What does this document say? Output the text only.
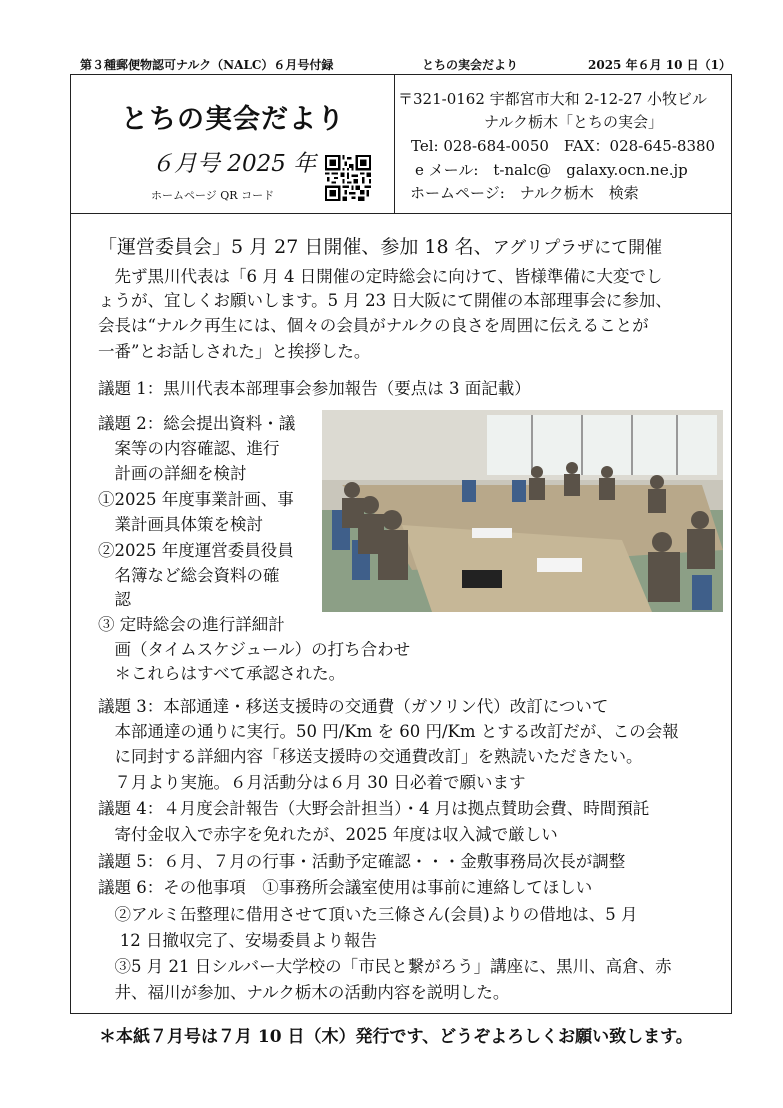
第３種郵便物認可ナルク（NALC）６月号付録	とちの実会だより	2025 年６月 10 日（1）
とちの実会だより
６月号 2025 年
ホームページ QR コード
〒321-0162 宇都宮市大和 2-12-27 小牧ビル
ナルク栃木「とちの実会」
Tel: 028-684-0050　FAX：028-645-8380
e メール:　t-nalc@　galaxy.ocn.ne.jp
ホームページ:　ナルク栃木　検索
「運営委員会」5 月 27 日開催、参加 18 名、アグリプラザにて開催
　先ず黒川代表は「6 月 4 日開催の定時総会に向けて、皆様準備に大変でし
ょうが、宜しくお願いします。5 月 23 日大阪にて開催の本部理事会に参加、
会長は“ナルク再生には、個々の会員がナルクの良さを周囲に伝えることが
一番”とお話しされた」と挨拶した。
議題 1：黒川代表本部理事会参加報告（要点は 3 面記載）
議題 2：総会提出資料・議
　案等の内容確認、進行
　計画の詳細を検討
①2025 年度事業計画、事
　業計画具体策を検討
②2025 年度運営委員役員
　名簿など総会資料の確
　認
③ 定時総会の進行詳細計
　画（タイムスケジュール）の打ち合わせ
　＊これらはすべて承認された。
議題 3：本部通達・移送支援時の交通費（ガソリン代）改訂について
　本部通達の通りに実行。50 円/Km を 60 円/Km とする改訂だが、この会報
　に同封する詳細内容「移送支援時の交通費改訂」を熟読いただきたい。
　７月より実施。６月活動分は６月 30 日必着で願います
議題 4：４月度会計報告（大野会計担当）・4 月は拠点賛助会費、時間預託
　寄付金収入で赤字を免れたが、2025 年度は収入減で厳しい
議題 5：６月、７月の行事・活動予定確認・・・金敷事務局次長が調整
議題 6：その他事項　①事務所会議室使用は事前に連絡してほしい
　②アルミ缶整理に借用させて頂いた三條さん(会員)よりの借地は、5 月
　 12 日撤収完了、安場委員より報告
　③5 月 21 日シルバー大学校の「市民と繋がろう」講座に、黒川、高倉、赤
　井、福川が参加、ナルク栃木の活動内容を説明した。
＊本紙７月号は７月 10 日（木）発行です、どうぞよろしくお願い致します。
